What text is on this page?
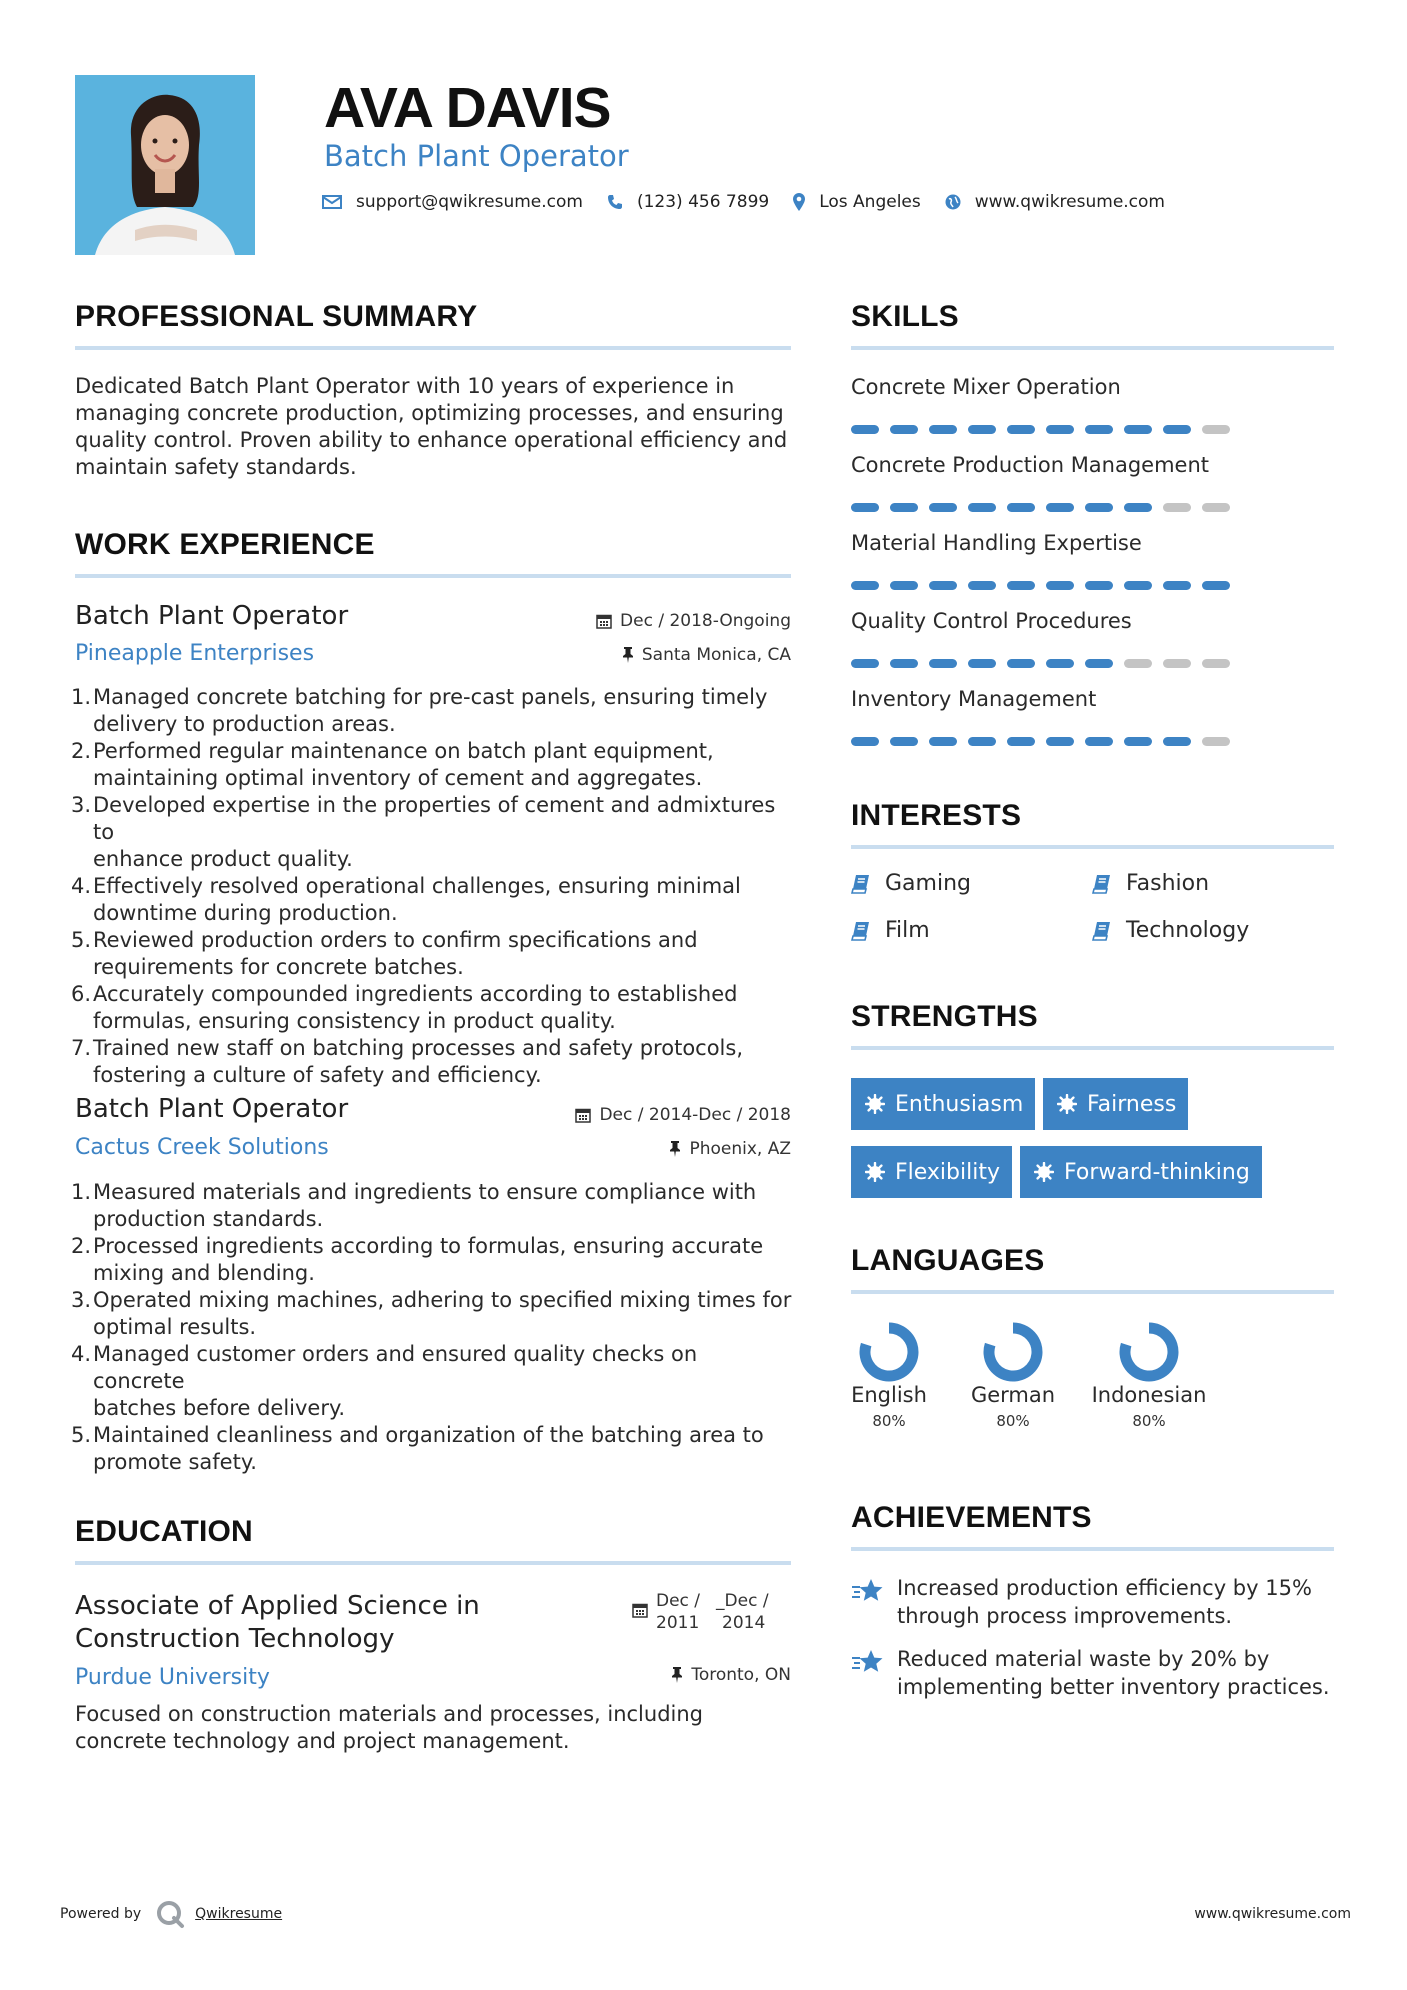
AVA DAVIS
Batch Plant Operator
support@qwikresume.com	(123) 456 7899	Los Angeles	www.qwikresume.com
PROFESSIONAL SUMMARY
Dedicated Batch Plant Operator with 10 years of experience in
managing concrete production, optimizing processes, and ensuring
quality control. Proven ability to enhance operational efficiency and
maintain safety standards.
WORK EXPERIENCE
Batch Plant Operator	Dec / 2018-Ongoing
Pineapple Enterprises	Santa Monica, CA
1. Managed concrete batching for pre-cast panels, ensuring timely
delivery to production areas.
2. Performed regular maintenance on batch plant equipment,
maintaining optimal inventory of cement and aggregates.
3. Developed expertise in the properties of cement and admixtures to
enhance product quality.
4. Effectively resolved operational challenges, ensuring minimal
downtime during production.
5. Reviewed production orders to confirm specifications and
requirements for concrete batches.
6. Accurately compounded ingredients according to established
formulas, ensuring consistency in product quality.
7. Trained new staff on batching processes and safety protocols,
fostering a culture of safety and efficiency.
Batch Plant Operator	Dec / 2014-Dec / 2018
Cactus Creek Solutions	Phoenix, AZ
1. Measured materials and ingredients to ensure compliance with
production standards.
2. Processed ingredients according to formulas, ensuring accurate
mixing and blending.
3. Operated mixing machines, adhering to specified mixing times for
optimal results.
4. Managed customer orders and ensured quality checks on concrete
batches before delivery.
5. Maintained cleanliness and organization of the batching area to
promote safety.
EDUCATION
Associate of Applied Science in
Construction Technology
Dec /
2011
_Dec /
2014
Purdue University	Toronto, ON
Focused on construction materials and processes, including
concrete technology and project management.
SKILLS
Concrete Mixer Operation
Concrete Production Management
Material Handling Expertise
Quality Control Procedures
Inventory Management
INTERESTS
Gaming	Fashion
Film	Technology
STRENGTHS
Enthusiasm	Fairness
Flexibility	Forward-thinking
LANGUAGES
English
80%
German
80%
Indonesian
80%
ACHIEVEMENTS
Increased production efficiency by 15%
through process improvements.
Reduced material waste by 20% by
implementing better inventory practices.
Powered by	Qwikresume	www.qwikresume.com
